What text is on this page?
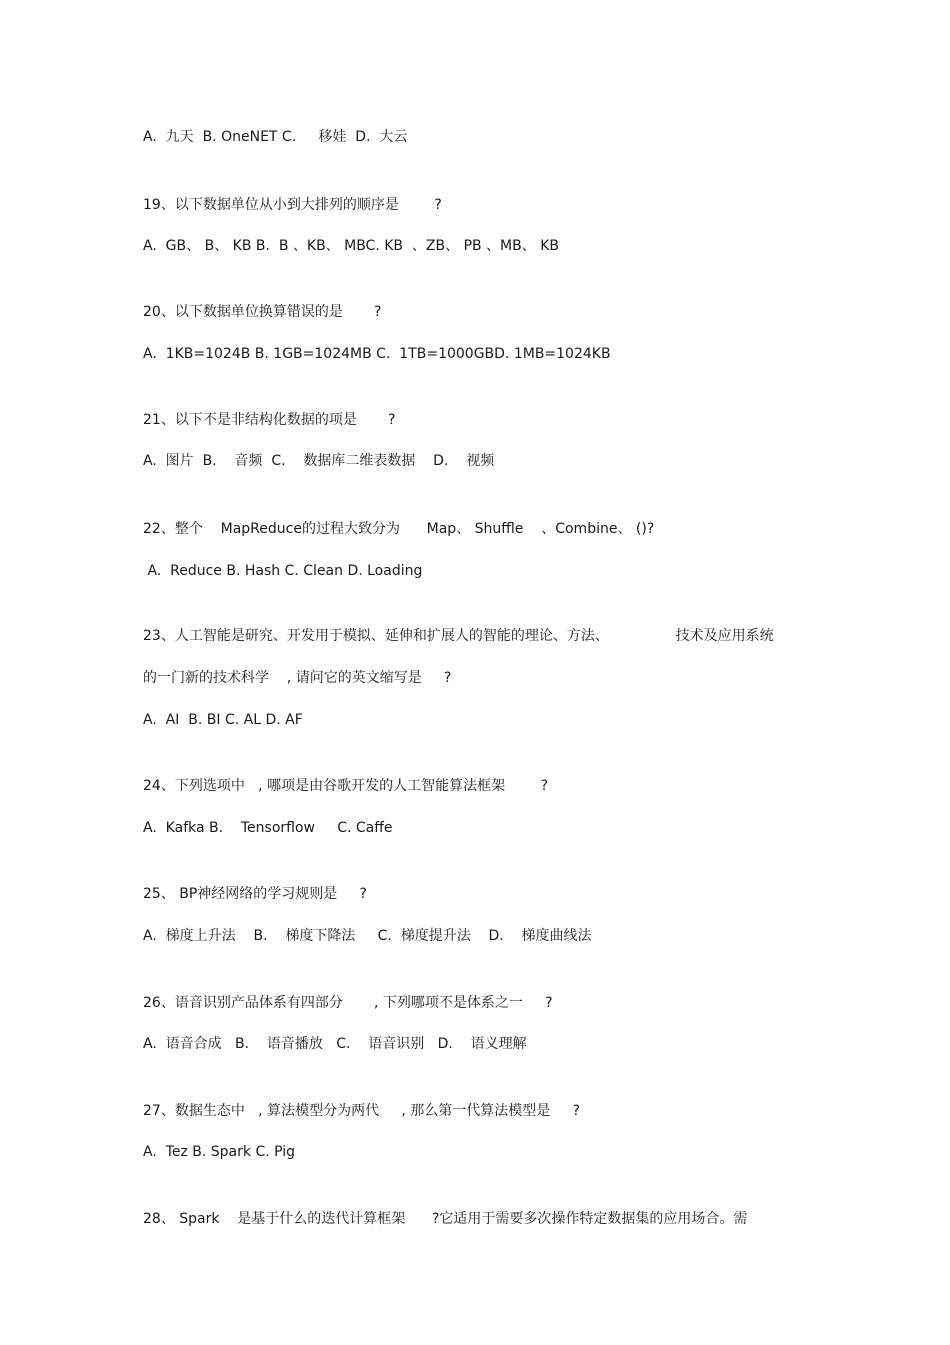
A.  九天  B. OneNET C.     移娃  D.  大云
19、以下数据单位从小到大排列的顺序是        ?
A.  GB、 B、 KB B.  B 、KB、 MBC. KB  、ZB、 PB 、MB、 KB
20、以下数据单位换算错误的是       ?
A.  1KB=1024B B. 1GB=1024MB C.  1TB=1000GBD. 1MB=1024KB
21、以下不是非结构化数据的项是       ?
A.  图片  B.    音频  C.    数据库二维表数据    D.    视频
22、整个    MapReduce的过程大致分为      Map、 Shuffle    、Combine、 ()?
A.  Reduce B. Hash C. Clean D. Loading
23、人工智能是研究、开发用于模拟、延伸和扩展人的智能的理论、方法、               技术及应用系统
的一门新的技术科学    , 请问它的英文缩写是     ?
A.  AI  B. BI C. AL D. AF
24、下列选项中   , 哪项是由谷歌开发的人工智能算法框架        ?
A.  Kafka B.    Tensorflow     C. Caffe
25、 BP神经网络的学习规则是     ?
A.  梯度上升法    B.    梯度下降法     C.  梯度提升法    D.    梯度曲线法
26、语音识别产品体系有四部分       , 下列哪项不是体系之一     ?
A.  语音合成   B.    语音播放   C.    语音识别   D.    语义理解
27、数据生态中   , 算法模型分为两代     , 那么第一代算法模型是     ?
A.  Tez B. Spark C. Pig
28、 Spark    是基于什么的迭代计算框架      ?它适用于需要多次操作特定数据集的应用场合。需
